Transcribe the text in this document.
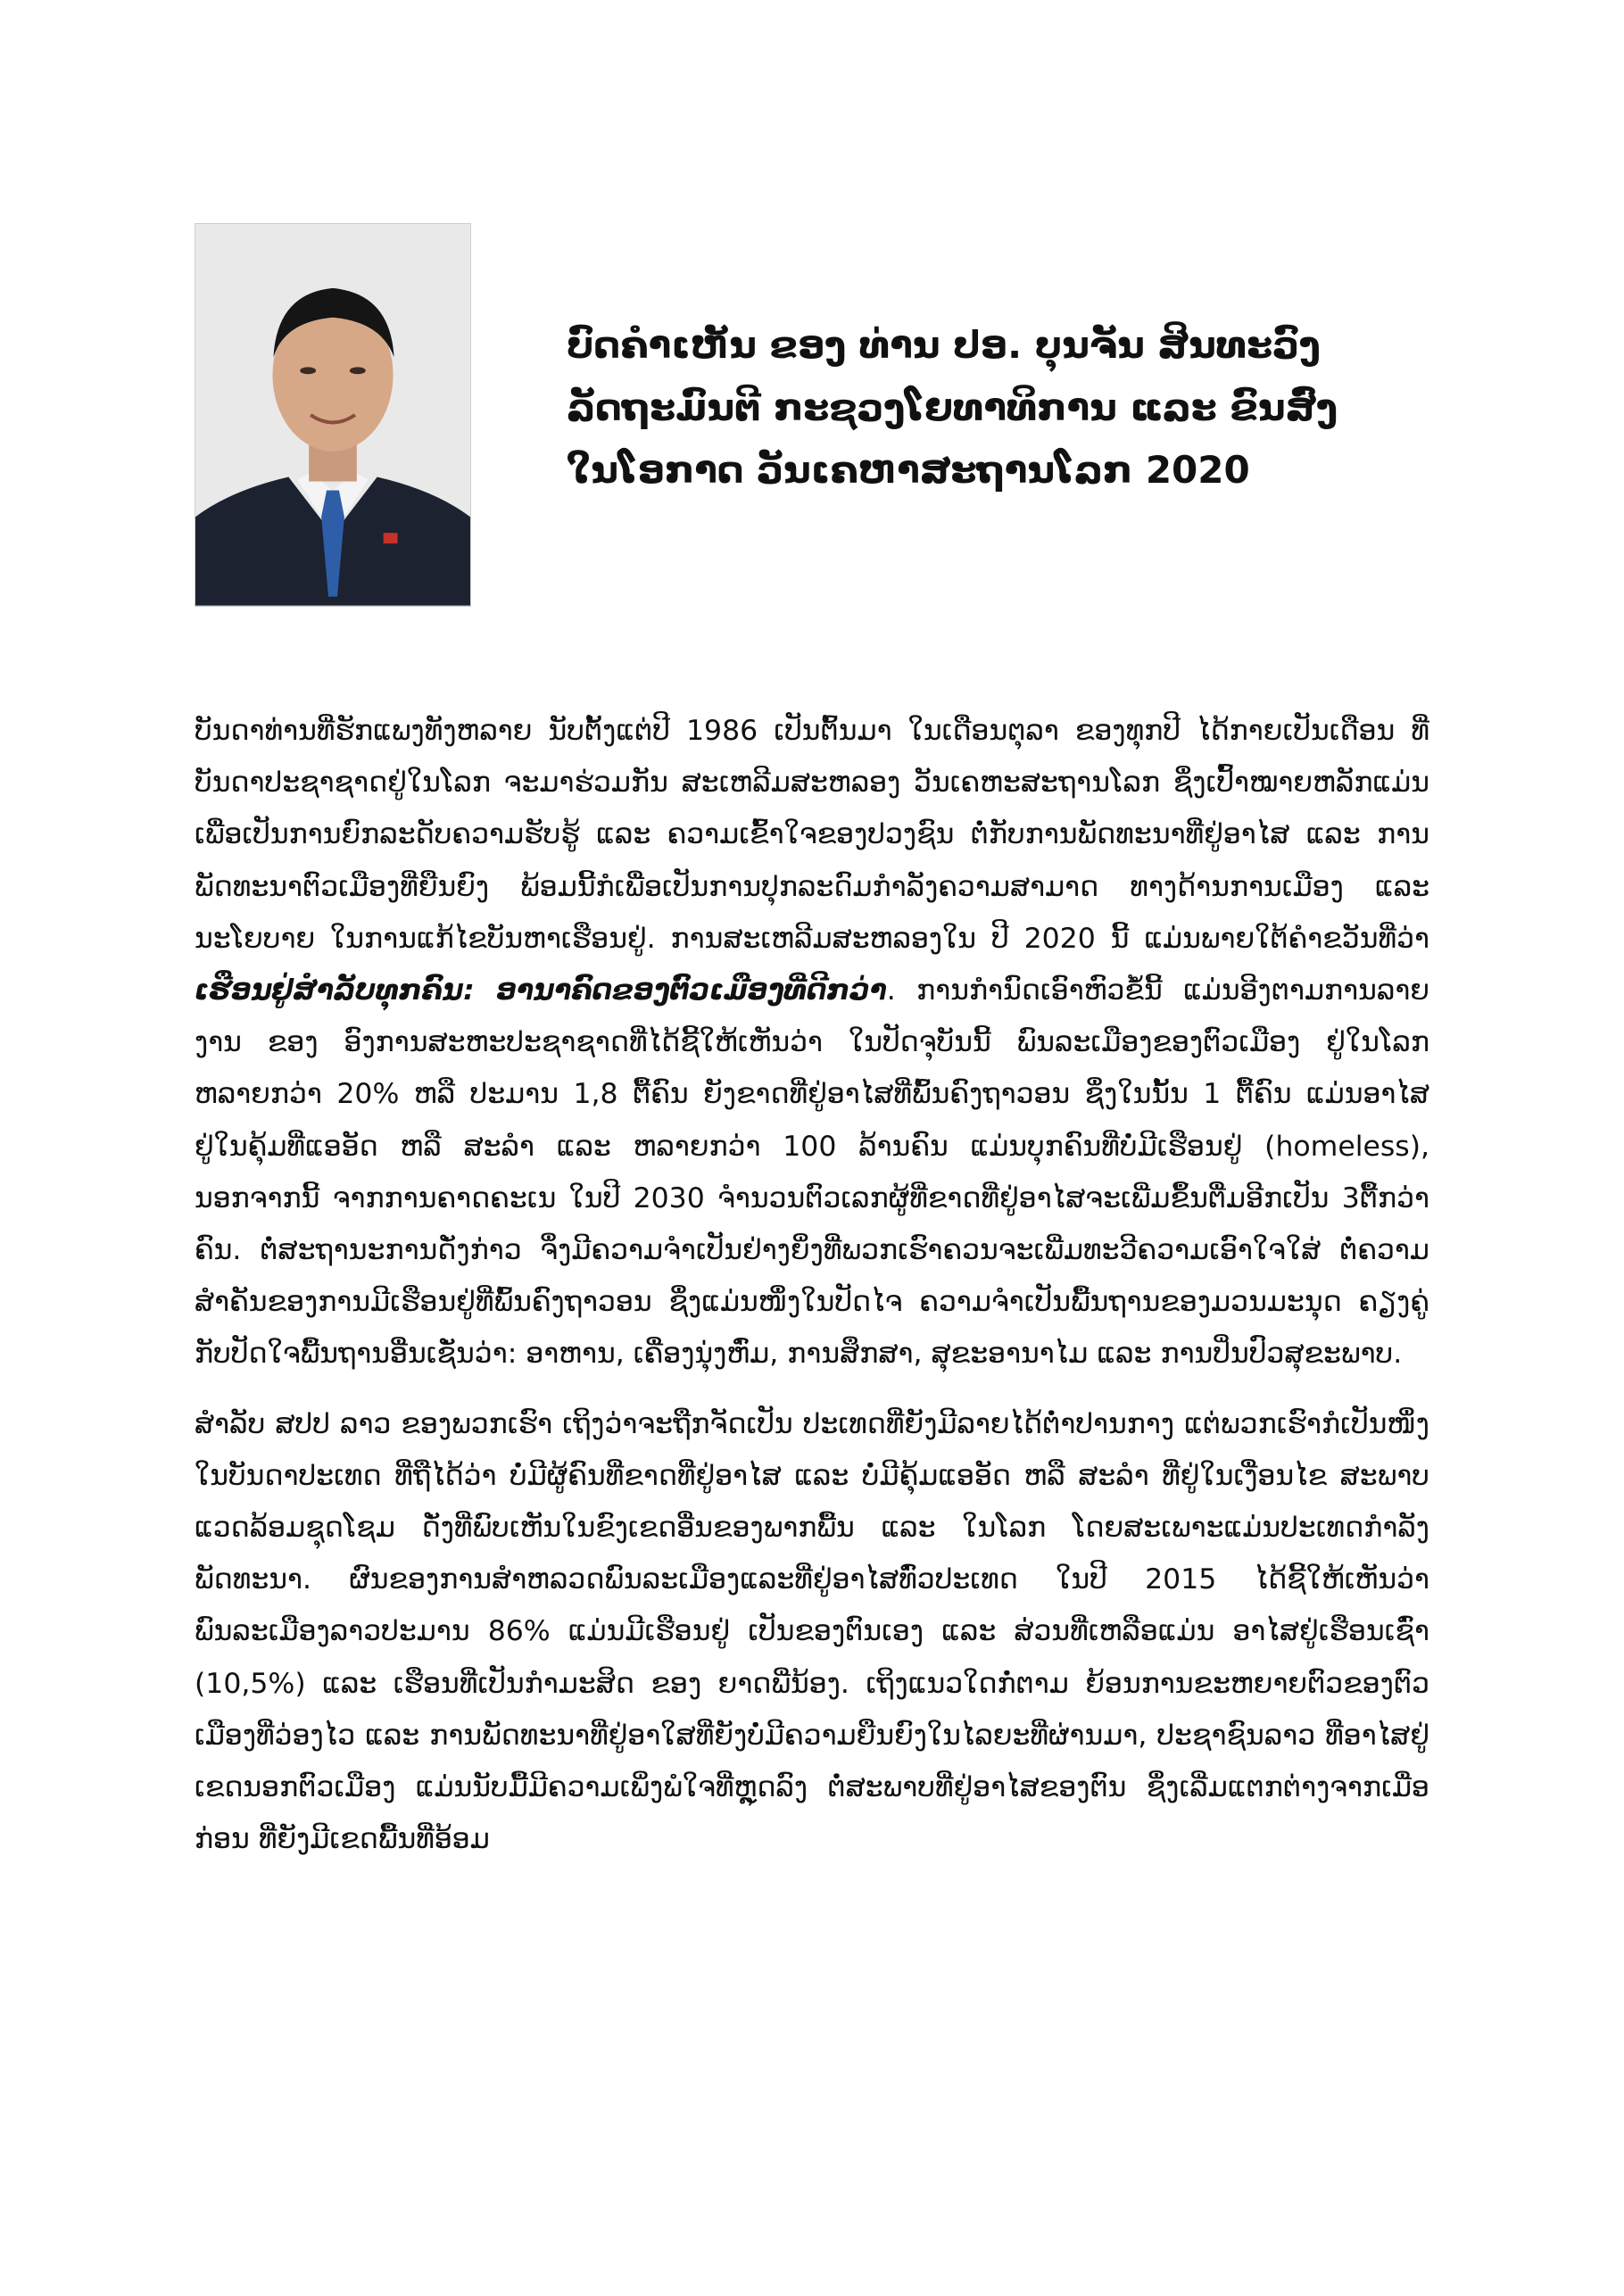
ບົດຄຳເຫັນ ຂອງ ທ່ານ ປອ. ບຸນຈັນ ສິນທະວົງ
ລັດຖະມົນຕີ ກະຊວງໂຍທາທິການ ແລະ ຂົນສົ່ງ
ໃນໂອກາດ ວັນເຄຫາສະຖານໂລກ 2020

ບັນດາທ່ານທີ່ຮັກແພງທັງຫລາຍ ນັບຕັ້ງແຕ່ປີ 1986 ເປັນຕົ້ນມາ ໃນເດືອນຕຸລາ ຂອງທຸກປີ ໄດ້ກາຍເປັນເດືອນ ທີ່ບັນດາປະຊາຊາດຢູ່ໃນໂລກ ຈະມາຮ່ວມກັນ ສະເຫລີມສະຫລອງ ວັນເຄຫະສະຖານໂລກ ຊຶ່ງເປົ້າໝາຍຫລັກແມ່ນ ເພື່ອເປັນການຍົກລະດັບຄວາມຮັບຮູ້ ແລະ ຄວາມເຂົ້າໃຈຂອງປວງຊົນ ຕໍ່ກັບການພັດທະນາທີ່ຢູ່ອາໄສ ແລະ ການພັດທະນາຕົວເມືອງທີ່ຍືນຍົງ ພ້ອມນີ້ກໍເພື່ອເປັນການປຸກລະດົມກຳລັງຄວາມສາມາດ ທາງດ້ານການເມືອງ ແລະ ນະໂຍບາຍ ໃນການແກ້ໄຂບັນຫາເຮືອນຢູ່. ການສະເຫລີມສະຫລອງໃນ ປີ 2020 ນີ້ ແມ່ນພາຍໃຕ້ຄຳຂວັນທີ່ວ່າ ເຮືອນຢູ່ສຳລັບທຸກຄົນ: ອານາຄົດຂອງຕົວເມືອງທີ່ດີກວ່າ. ການກຳນົດເອົາຫົວຂໍ້ນີ້ ແມ່ນອີງຕາມການລາຍງານ ຂອງ ອົງການສະຫະປະຊາຊາດທີ່ໄດ້ຊີ້ໃຫ້ເຫັນວ່າ ໃນປັດຈຸບັນນີ້ ພົນລະເມືອງຂອງຕົວເມືອງ ຢູ່ໃນໂລກ ຫລາຍກວ່າ 20% ຫລື ປະມານ 1,8 ຕື້ຄົນ ຍັງຂາດທີ່ຢູ່ອາໄສທີ່ພົ້ນຄົງຖາວອນ ຊຶ່ງໃນນັ້ນ 1 ຕື້ຄົນ ແມ່ນອາໄສ ຢູ່ໃນຄຸ້ມທີ່ແອອັດ ຫລື ສະລຳ ແລະ ຫລາຍກວ່າ 100 ລ້ານຄົນ ແມ່ນບຸກຄົນທີ່ບໍ່ມີເຮືອນຢູ່ (homeless), ນອກຈາກນີ້ ຈາກການຄາດຄະເນ ໃນປີ 2030 ຈຳນວນຕົວເລກຜູ້ທີ່ຂາດທີ່ຢູ່ອາໄສຈະເພີ່ມຂຶ້ນຕື່ມອີກເປັນ 3ຕື້ກວ່າຄົນ. ຕໍ່ສະຖານະການດັ່ງກ່າວ ຈຶ່ງມີຄວາມຈຳເປັນຢ່າງຍິ່ງທີ່ພວກເຮົາຄວນຈະເພີ່ມທະວີຄວາມເອົາໃຈໃສ່ ຕໍ່ຄວາມສຳຄັນຂອງການມີເຮືອນຢູ່ທີ່ພົ້ນຄົງຖາວອນ ຊຶ່ງແມ່ນໜຶ່ງໃນປັດໄຈ ຄວາມຈຳເປັນພື້ນຖານຂອງມວນມະນຸດ ຄຽງຄູ່ກັບປັດໃຈພື້ນຖານອື່ນເຊັ່ນວ່າ: ອາຫານ, ເຄື່ອງນຸ່ງຫົ່ມ, ການສຶກສາ, ສຸຂະອານາໄມ ແລະ ການປິ່ນປົວສຸຂະພາບ.

ສຳລັບ ສປປ ລາວ ຂອງພວກເຮົາ ເຖິງວ່າຈະຖືກຈັດເປັນ ປະເທດທີ່ຍັງມີລາຍໄດ້ຕ່ຳປານກາງ ແຕ່ພວກເຮົາກໍເປັນໜຶ່ງໃນບັນດາປະເທດ ທີ່ຖືໄດ້ວ່າ ບໍ່ມີຜູ້ຄົນທີ່ຂາດທີ່ຢູ່ອາໄສ ແລະ ບໍ່ມີຄຸ້ມແອອັດ ຫລື ສະລຳ ທີ່ຢູ່ໃນເງື່ອນໄຂ ສະພາບແວດລ້ອມຊຸດໂຊມ ດັ່ງທີ່ພົບເຫັນໃນຂົງເຂດອື່ນຂອງພາກພື້ນ ແລະ ໃນໂລກ ໂດຍສະເພາະແມ່ນປະເທດກຳລັງພັດທະນາ. ຜົນຂອງການສຳຫລວດພົນລະເມືອງແລະທີ່ຢູ່ອາໄສທົ່ວປະເທດ ໃນປີ 2015 ໄດ້ຊີ້ໃຫ້ເຫັນວ່າ ພົນລະເມືອງລາວປະມານ 86% ແມ່ນມີເຮືອນຢູ່ ເປັນຂອງຕົນເອງ ແລະ ສ່ວນທີ່ເຫລືອແມ່ນ ອາໄສຢູ່ເຮືອນເຊົ່າ (10,5%) ແລະ ເຮືອນທີ່ເປັນກຳມະສິດ ຂອງ ຍາດພີ່ນ້ອງ. ເຖິງແນວໃດກໍ່ຕາມ ຍ້ອນການຂະຫຍາຍຕົວຂອງຕົວເມືອງທີ່ວ່ອງໄວ ແລະ ການພັດທະນາທີ່ຢູ່ອາໃສທີ່ຍັງບໍ່ມີຄວາມຍືນຍົງໃນໄລຍະທີ່ຜ່ານມາ, ປະຊາຊົນລາວ ທີ່ອາໄສຢູ່ເຂດນອກຕົວເມືອງ ແມ່ນນັບມື້ມີຄວາມເພິ່ງພໍໃຈທີ່ຫຼຸດລົງ ຕໍ່ສະພາບທີ່ຢູ່ອາໄສຂອງຕົນ ຊຶ່ງເລີ່ມແຕກຕ່າງຈາກເມື່ອກ່ອນ ທີ່ຍັງມີເຂດພື້ນທີ່ອ້ອມ
